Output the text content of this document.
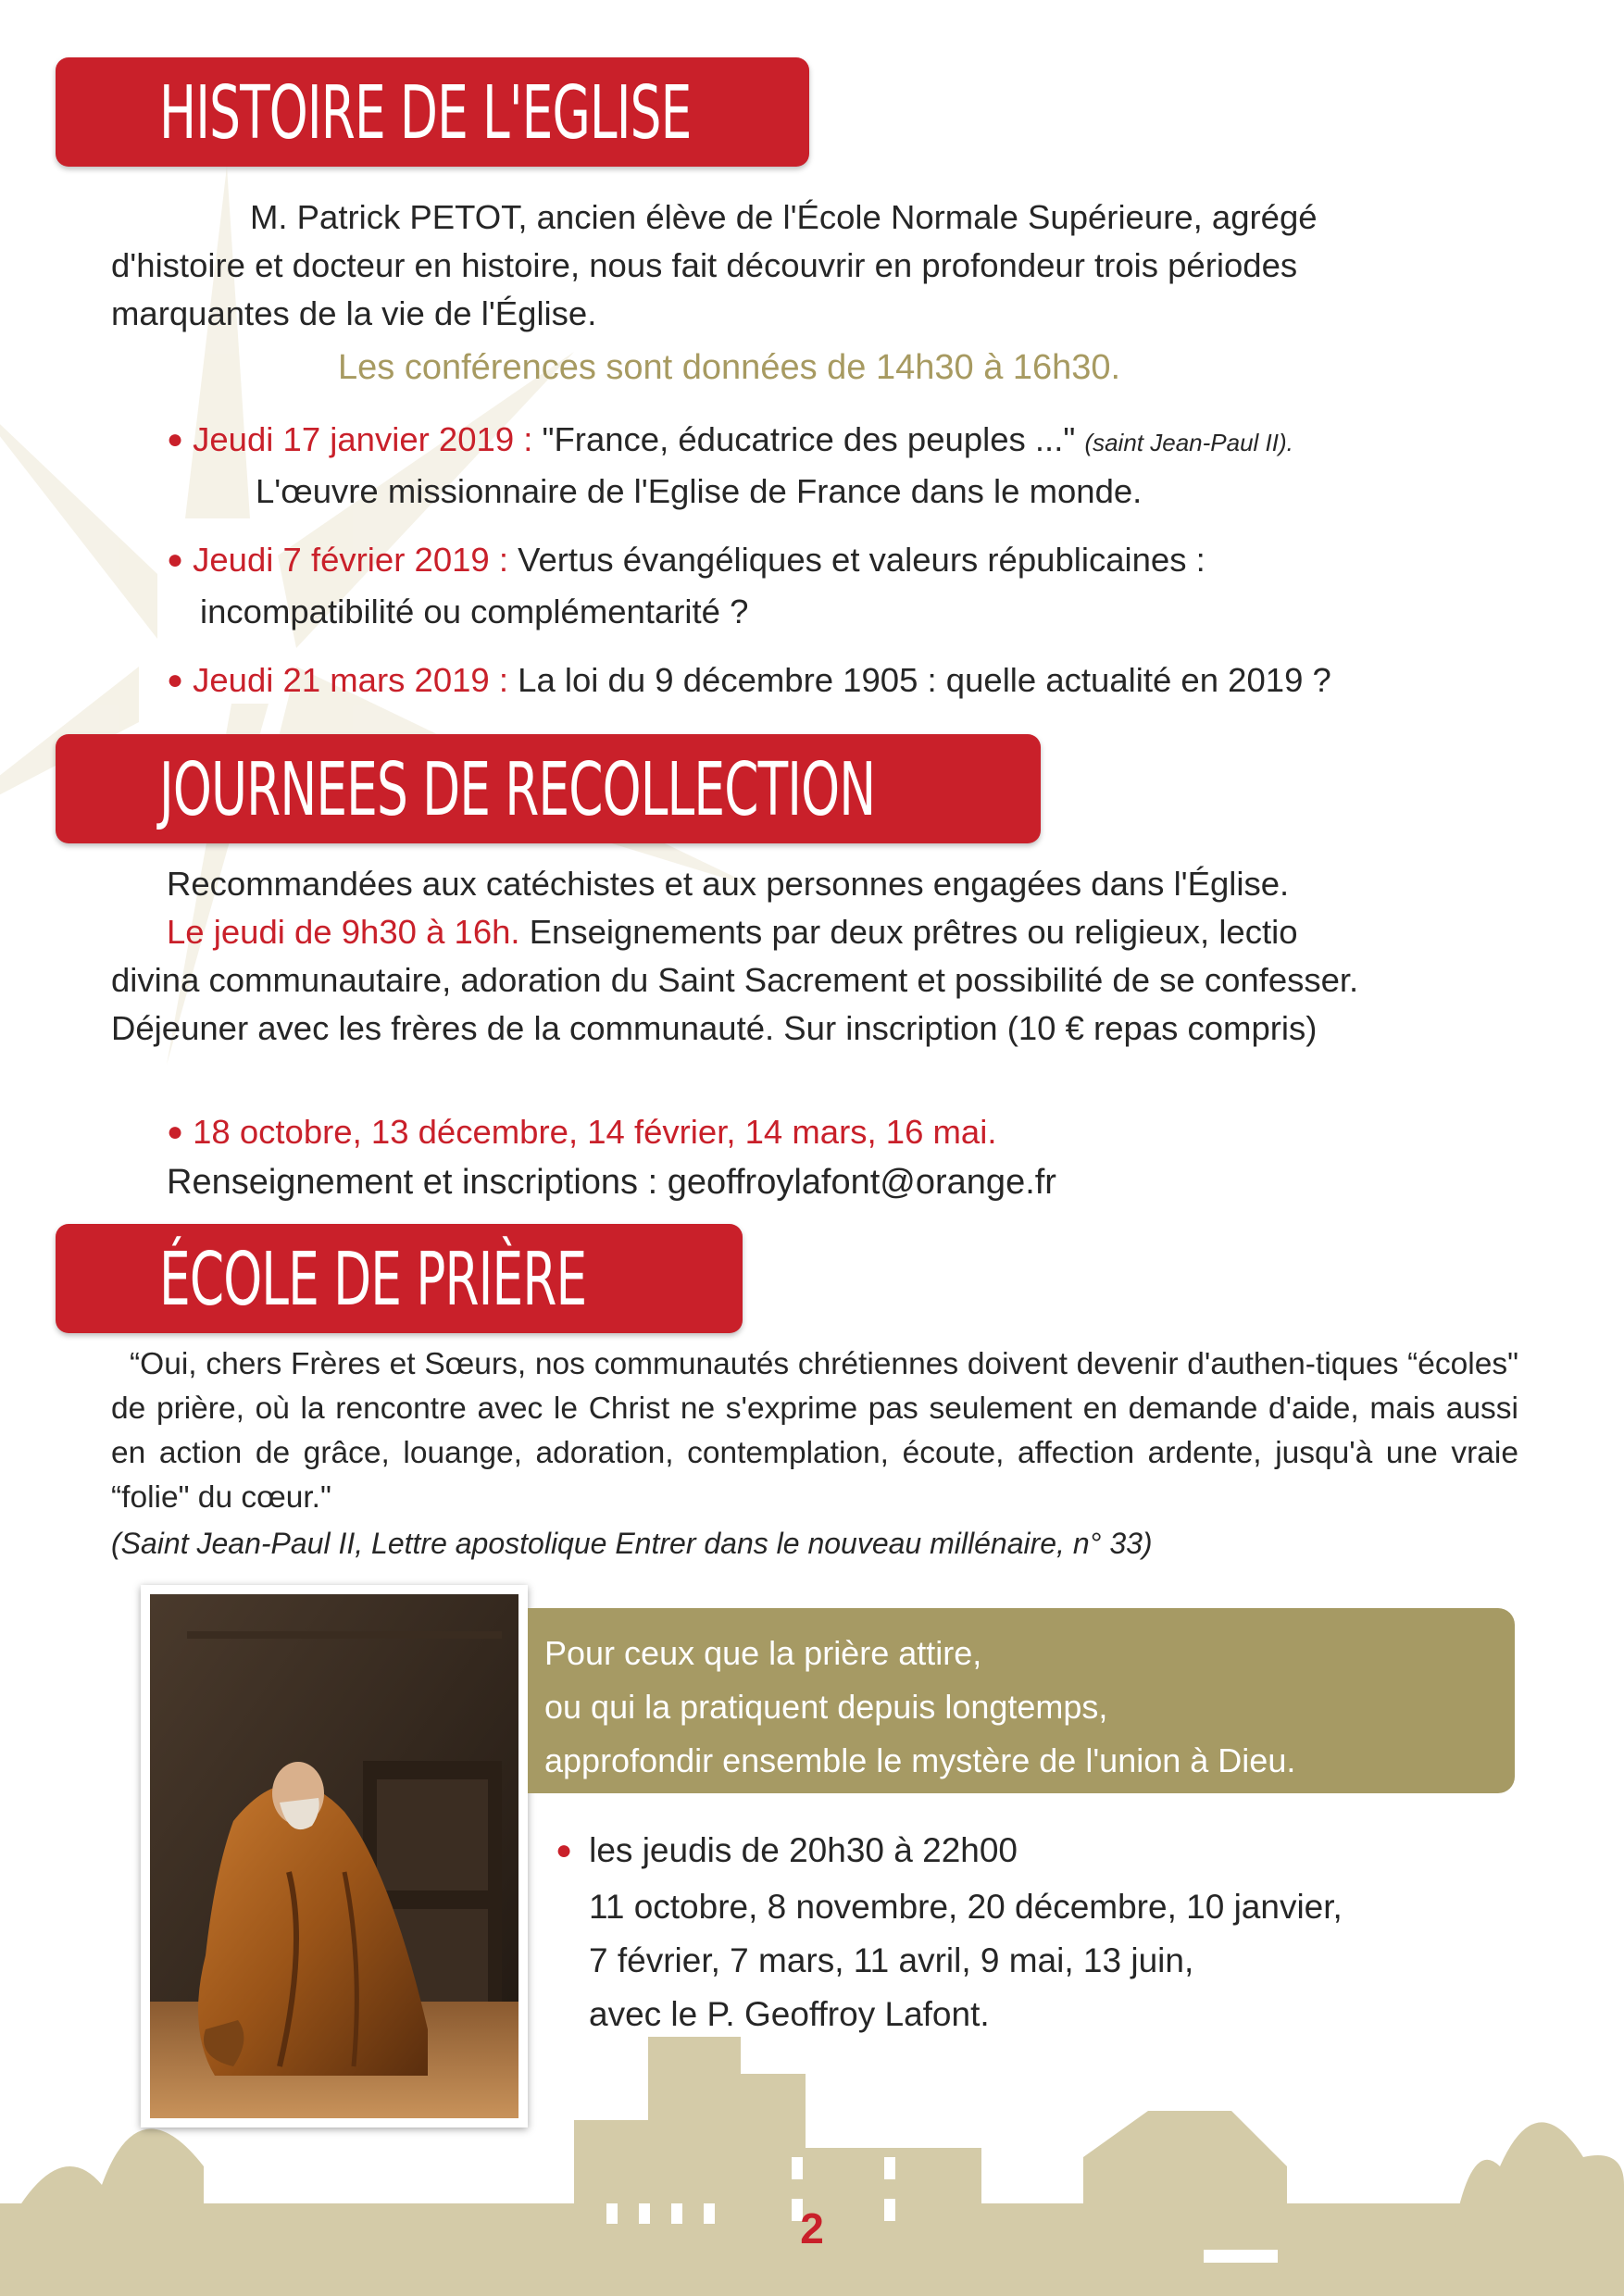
HISTOIRE DE L'EGLISE
M. Patrick PETOT, ancien élève de l'École Normale Supérieure, agrégé
d'histoire et docteur en histoire, nous fait découvrir en profondeur trois périodes
marquantes de la vie de l'Église.
Les conférences sont données de 14h30 à 16h30.
● Jeudi 17 janvier 2019 : "France, éducatrice des peuples ..." (saint Jean-Paul II).
L'œuvre missionnaire de l'Eglise de France dans le monde.
● Jeudi 7 février 2019 : Vertus évangéliques et valeurs républicaines :
incompatibilité ou complémentarité ?
● Jeudi 21 mars 2019 : La loi du 9 décembre 1905 : quelle actualité en 2019 ?
JOURNEES DE RECOLLECTION
Recommandées aux catéchistes et aux personnes engagées dans l'Église.
Le jeudi de 9h30 à 16h. Enseignements par deux prêtres ou religieux, lectio
divina communautaire, adoration du Saint Sacrement et possibilité de se confesser.
Déjeuner avec les frères de la communauté. Sur inscription (10 € repas compris)
● 18 octobre, 13 décembre, 14 février, 14 mars, 16 mai.
Renseignement et inscriptions : geoffroylafont@orange.fr
ÉCOLE DE PRIÈRE
“Oui, chers Frères et Sœurs, nos communautés chrétiennes doivent devenir d'authen-tiques “écoles" de prière, où la rencontre avec le Christ ne s'exprime pas seulement en demande d'aide, mais aussi en action de grâce, louange, adoration, contemplation, écoute, affection ardente, jusqu'à une vraie “folie" du cœur."
(Saint Jean-Paul II, Lettre apostolique Entrer dans le nouveau millénaire, n° 33)
Pour ceux que la prière attire,
ou qui la pratiquent depuis longtemps,
approfondir ensemble le mystère de l'union à Dieu.
● les jeudis de 20h30 à 22h00
11 octobre, 8 novembre, 20 décembre, 10 janvier,
7 février, 7 mars, 11 avril, 9 mai, 13 juin,
avec le P. Geoffroy Lafont.
2
